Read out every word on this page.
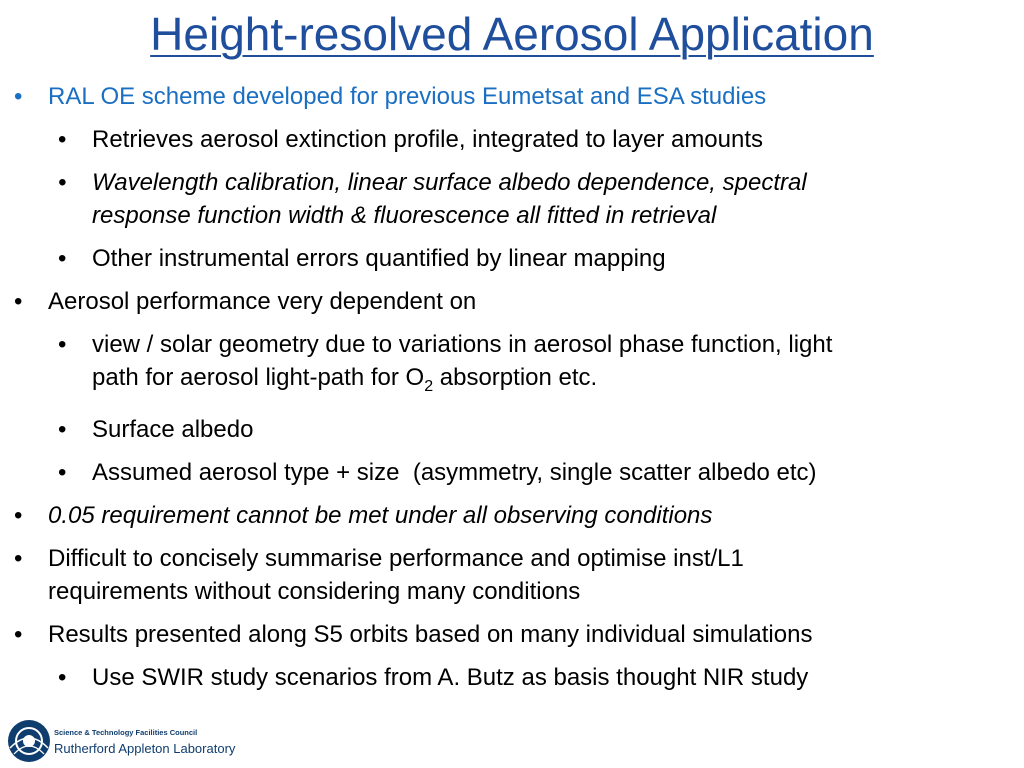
Height-resolved Aerosol Application
• RAL OE scheme developed for previous Eumetsat and ESA studies
• Retrieves aerosol extinction profile, integrated to layer amounts
• Wavelength calibration, linear surface albedo dependence, spectral
response function width & fluorescence all fitted in retrieval
• Other instrumental errors quantified by linear mapping
• Aerosol performance very dependent on
• view / solar geometry due to variations in aerosol phase function, light
path for aerosol light-path for $O_2$ absorption etc.
• Surface albedo
• Assumed aerosol type + size  (asymmetry, single scatter albedo etc)
• 0.05 requirement cannot be met under all observing conditions
• Difficult to concisely summarise performance and optimise inst/L1
requirements without considering many conditions
• Results presented along S5 orbits based on many individual simulations
• Use SWIR study scenarios from A. Butz as basis thought NIR study
Science & Technology Facilities Council
Rutherford Appleton Laboratory
